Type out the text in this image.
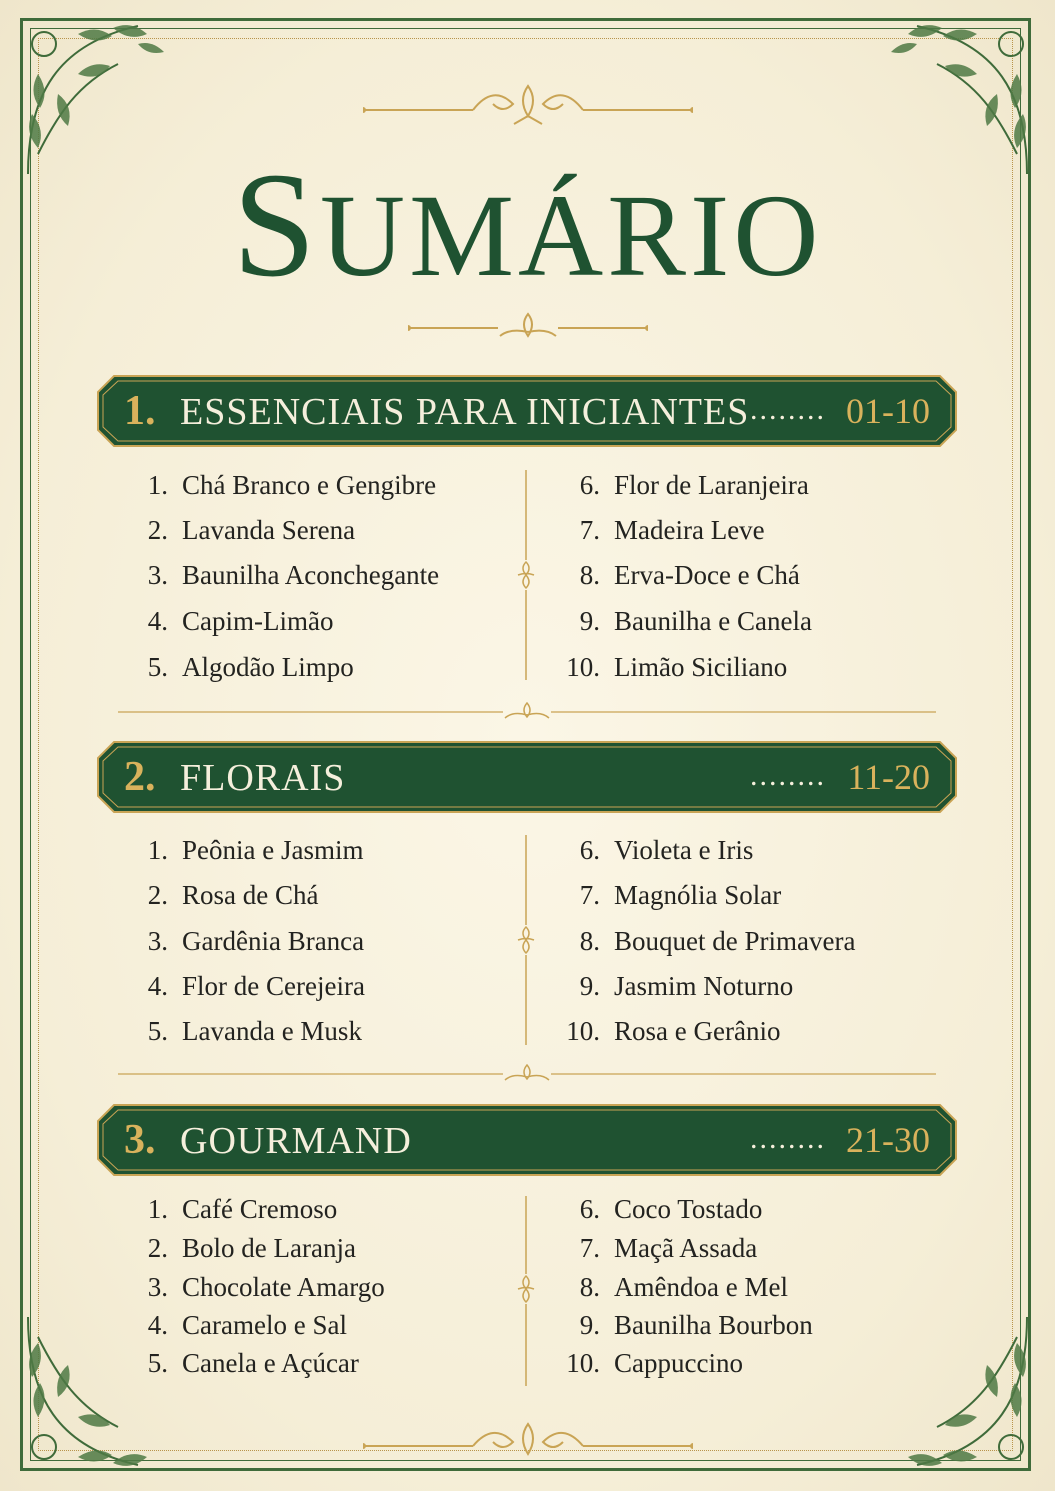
SUMÁRIO
1. ESSENCIAIS PARA INICIANTES ........ 01-10
1. Chá Branco e Gengibre
2. Lavanda Serena
3. Baunilha Aconchegante
4. Capim-Limão
5. Algodão Limpo
6. Flor de Laranjeira
7. Madeira Leve
8. Erva-Doce e Chá
9. Baunilha e Canela
10. Limão Siciliano
2. FLORAIS	........ 11-20
1. Peônia e Jasmim
2. Rosa de Chá
3. Gardênia Branca
4. Flor de Cerejeira
5. Lavanda e Musk
6. Violeta e Iris
7. Magnólia Solar
8. Bouquet de Primavera
9. Jasmim Noturno
10. Rosa e Gerânio
3. GOURMAND	........ 21-30
1. Café Cremoso
2. Bolo de Laranja
3. Chocolate Amargo
4. Caramelo e Sal
5. Canela e Açúcar
6. Coco Tostado
7. Maçã Assada
8. Amêndoa e Mel
9. Baunilha Bourbon
10. Cappuccino
